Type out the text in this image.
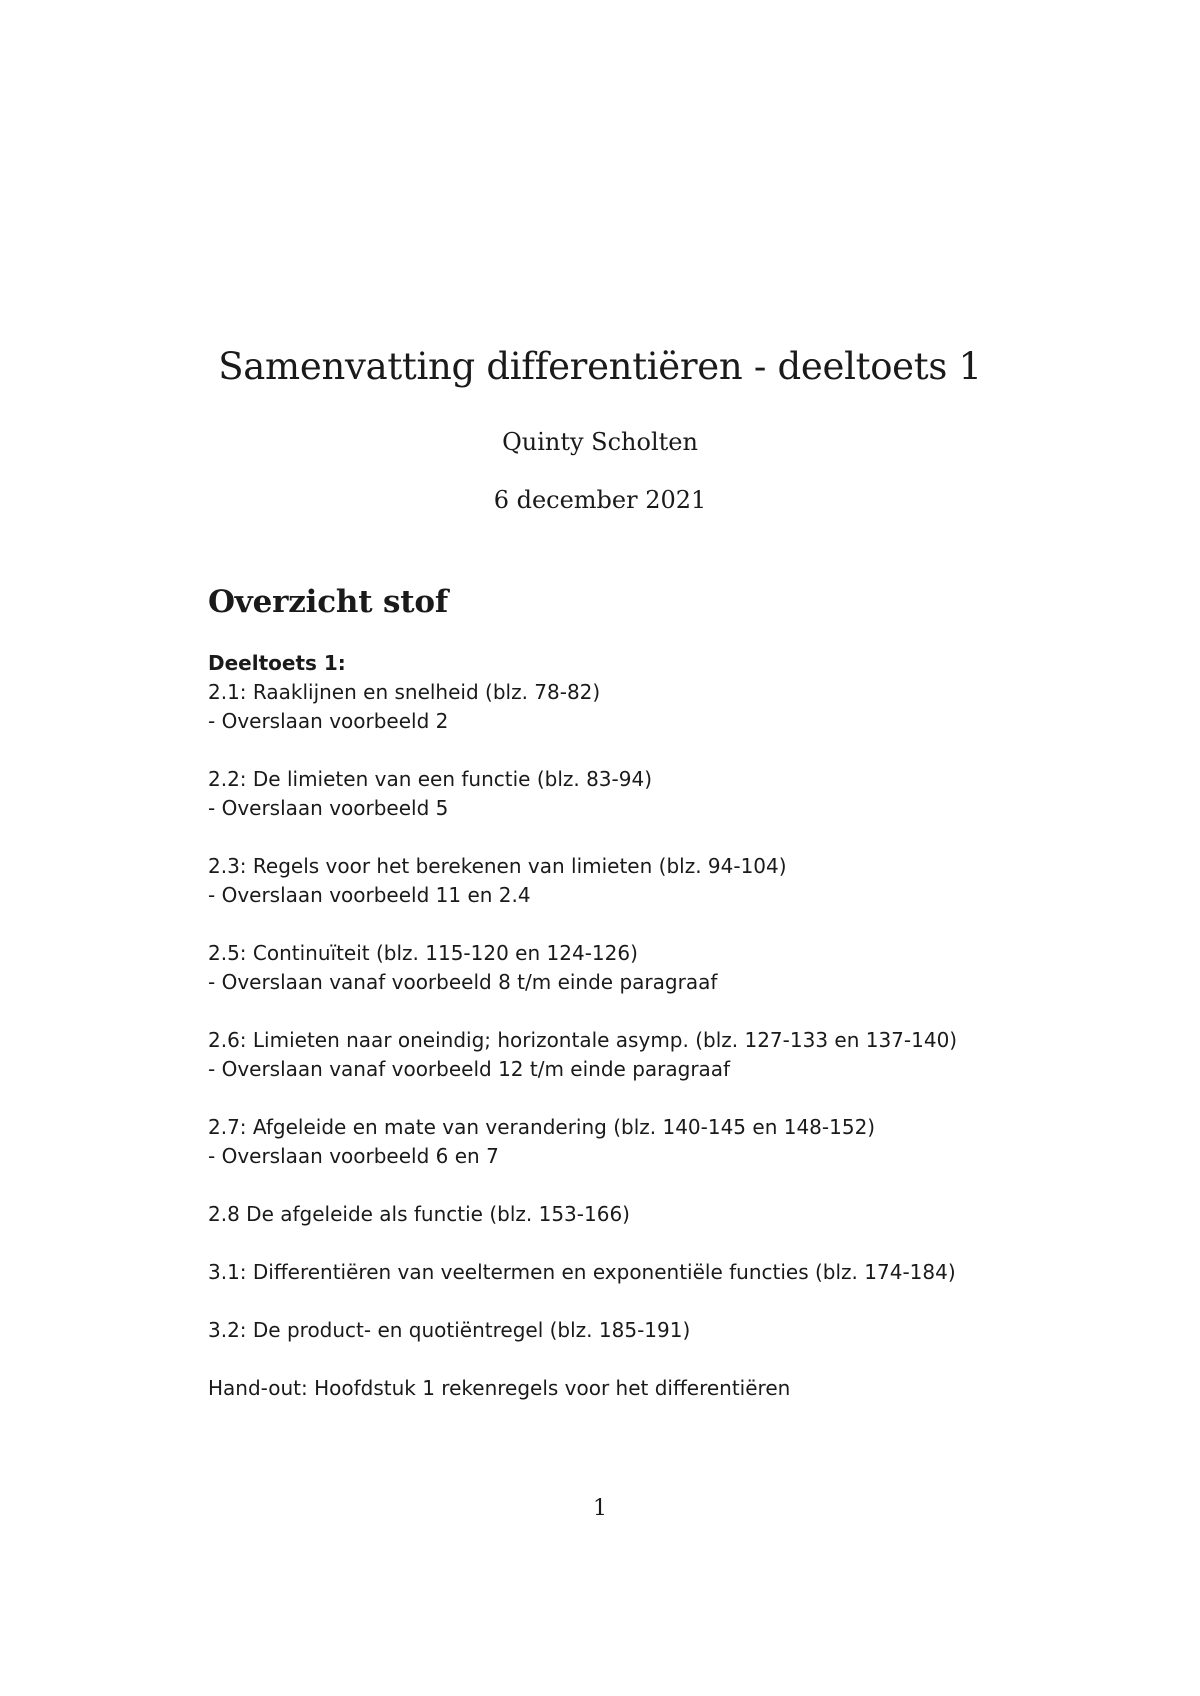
Samenvatting differentiëren - deeltoets 1
Quinty Scholten
6 december 2021
Overzicht stof
Deeltoets 1:
2.1: Raaklijnen en snelheid (blz. 78-82)
- Overslaan voorbeeld 2
2.2: De limieten van een functie (blz. 83-94)
- Overslaan voorbeeld 5
2.3: Regels voor het berekenen van limieten (blz. 94-104)
- Overslaan voorbeeld 11 en 2.4
2.5: Continuïteit (blz. 115-120 en 124-126)
- Overslaan vanaf voorbeeld 8 t/m einde paragraaf
2.6: Limieten naar oneindig; horizontale asymp. (blz. 127-133 en 137-140)
- Overslaan vanaf voorbeeld 12 t/m einde paragraaf
2.7: Afgeleide en mate van verandering (blz. 140-145 en 148-152)
- Overslaan voorbeeld 6 en 7
2.8 De afgeleide als functie (blz. 153-166)
3.1: Differentiëren van veeltermen en exponentiële functies (blz. 174-184)
3.2: De product- en quotiëntregel (blz. 185-191)
Hand-out: Hoofdstuk 1 rekenregels voor het differentiëren
1
